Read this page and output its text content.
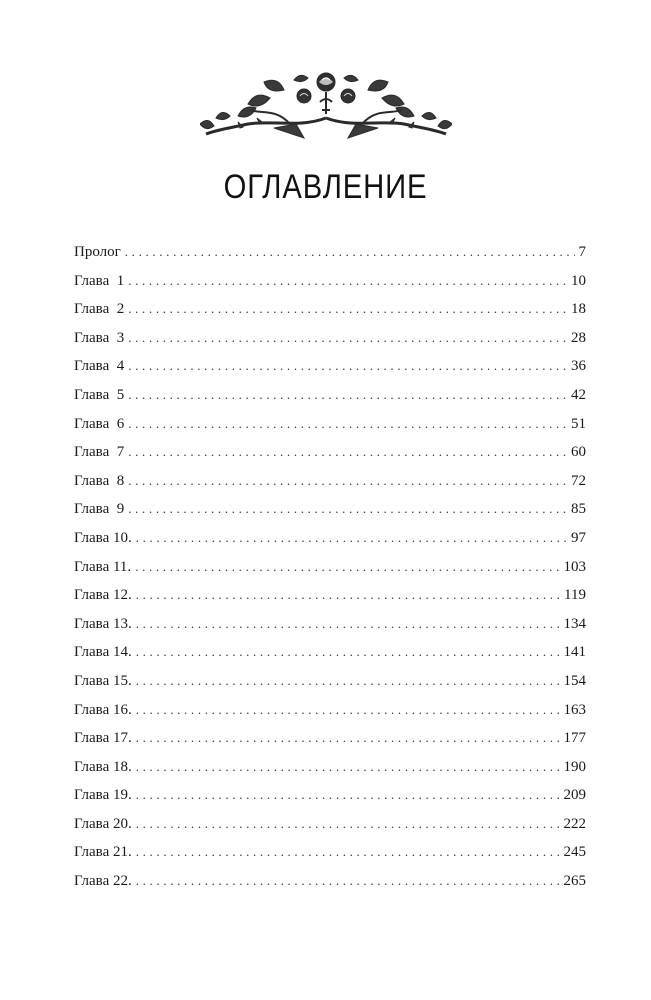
ОГЛАВЛЕНИЕ
Пролог . . .	7
Глава  1 . . .	10
Глава  2 . . .	18
Глава  3 . . .	28
Глава  4 . . .	36
Глава  5 . . .	42
Глава  6 . . .	51
Глава  7 . . .	60
Глава  8 . . .	72
Глава  9 . . .	85
Глава 10. . . .	97
Глава 11. . . .	103
Глава 12. . . .	119
Глава 13. . . .	134
Глава 14. . . .	141
Глава 15. . . .	154
Глава 16. . . .	163
Глава 17. . . .	177
Глава 18. . . .	190
Глава 19. . . .	209
Глава 20. . . .	222
Глава 21. . . .	245
Глава 22. . . .	265
